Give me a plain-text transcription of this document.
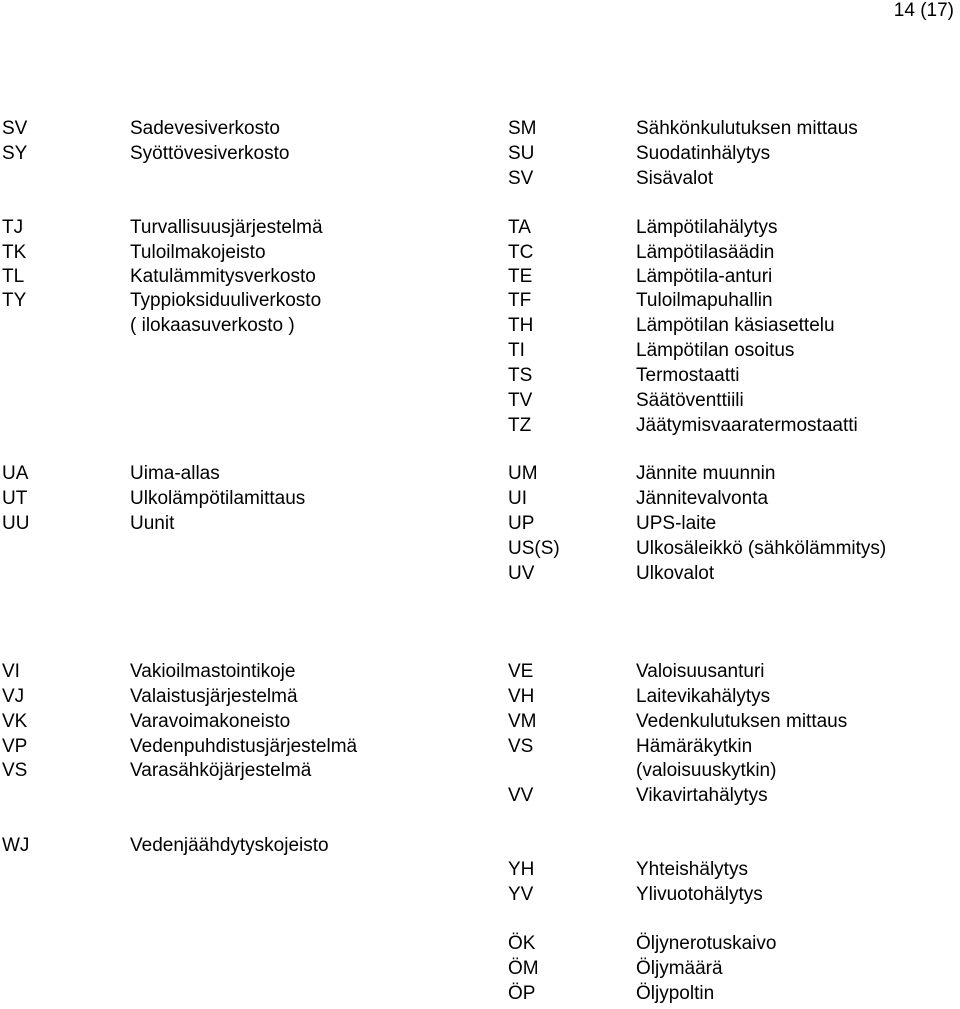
14 (17)
SV	Sadevesiverkosto
SY	Syöttövesiverkosto
TJ	Turvallisuusjärjestelmä
TK	Tuloilmakojeisto
TL	Katulämmitysverkosto
TY	Typpioksiduuliverkosto
( ilokaasuverkosto )
UA	Uima-allas
UT	Ulkolämpötilamittaus
UU	Uunit
VI	Vakioilmastointikoje
VJ	Valaistusjärjestelmä
VK	Varavoimakoneisto
VP	Vedenpuhdistusjärjestelmä
VS	Varasähköjärjestelmä
WJ	Vedenjäähdytyskojeisto
SM	Sähkönkulutuksen mittaus
SU	Suodatinhälytys
SV	Sisävalot
TA	Lämpötilahälytys
TC	Lämpötilasäädin
TE	Lämpötila-anturi
TF	Tuloilmapuhallin
TH	Lämpötilan käsiasettelu
TI	Lämpötilan osoitus
TS	Termostaatti
TV	Säätöventtiili
TZ	Jäätymisvaaratermostaatti
UM	Jännite muunnin
UI	Jännitevalvonta
UP	UPS-laite
US(S)	Ulkosäleikkö (sähkölämmitys)
UV	Ulkovalot
VE	Valoisuusanturi
VH	Laitevikahälytys
VM	Vedenkulutuksen mittaus
VS	Hämäräkytkin
(valoisuuskytkin)
VV	Vikavirtahälytys
YH	Yhteishälytys
YV	Ylivuotohälytys
ÖK	Öljynerotuskaivo
ÖM	Öljymäärä
ÖP	Öljypoltin
